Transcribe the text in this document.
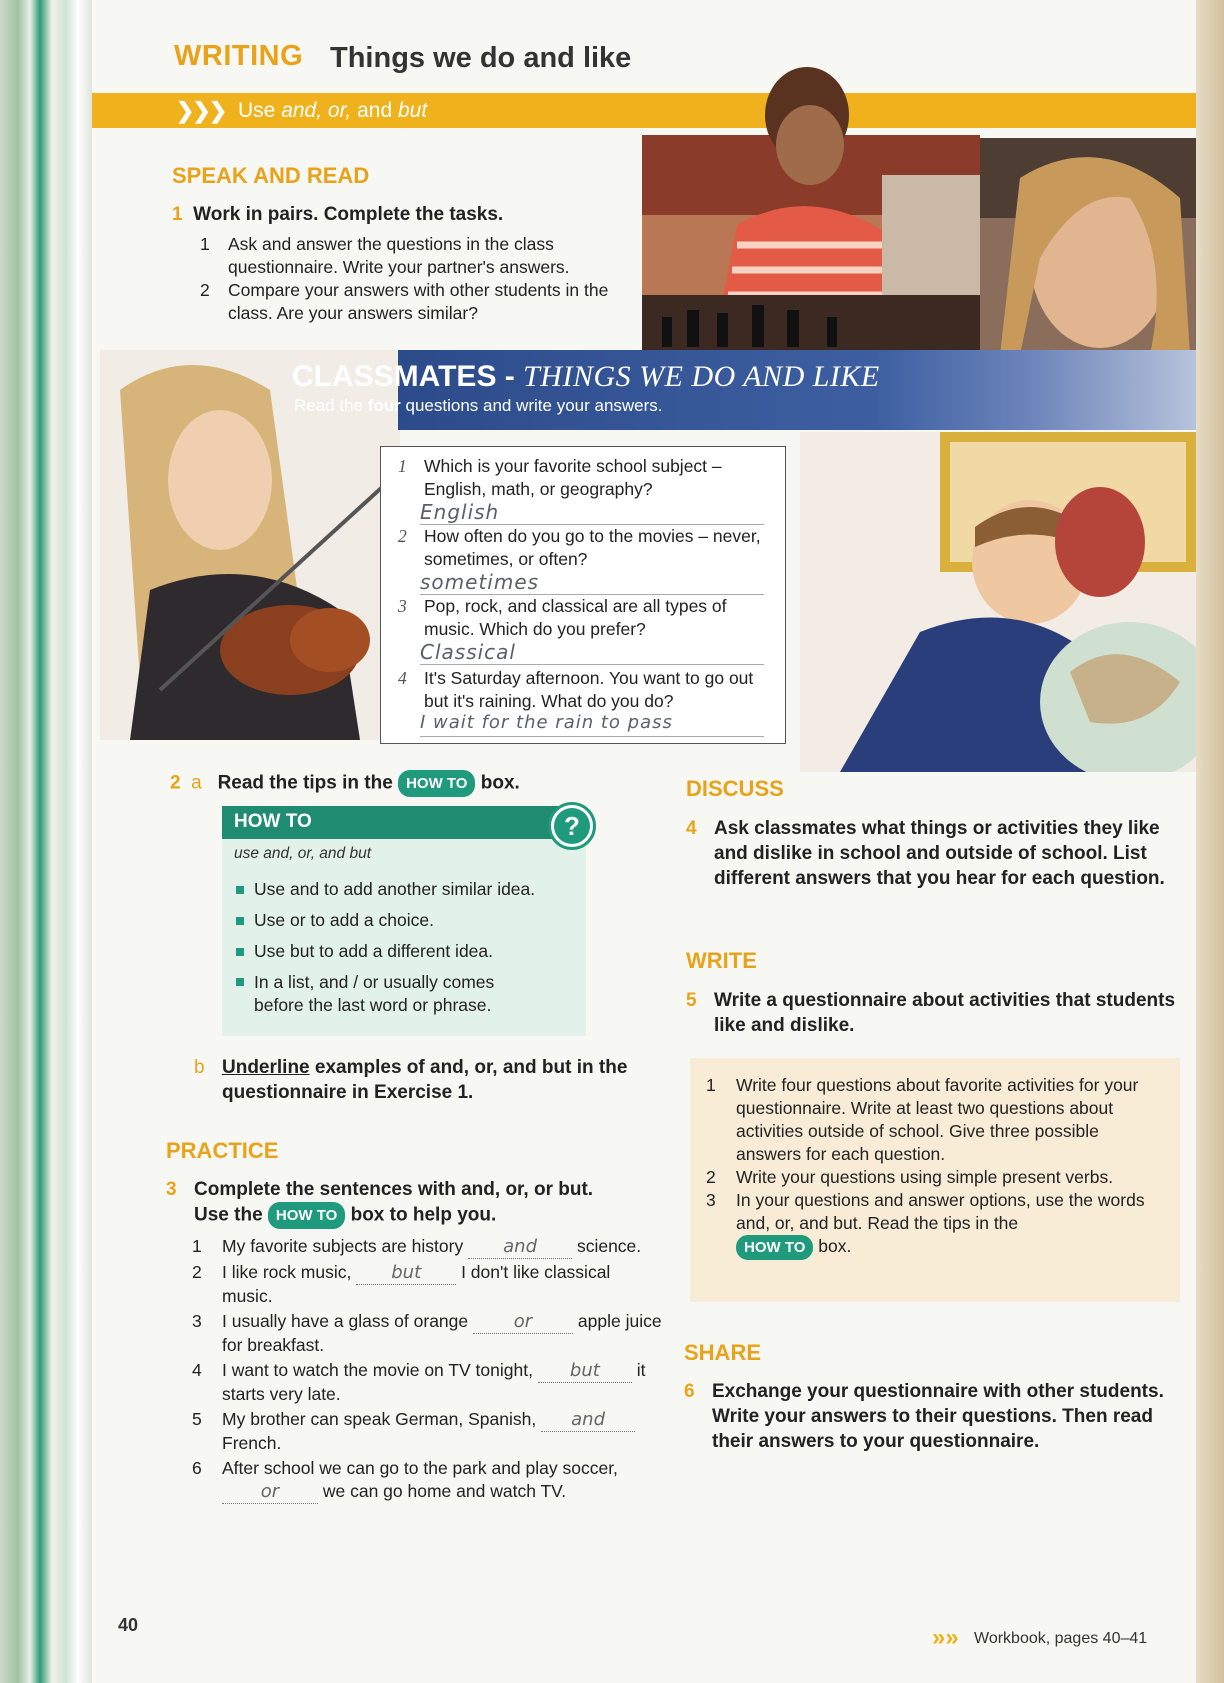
WRITING Things we do and like
❯❯❯ Use and, or, and but
SPEAK AND READ
1 Work in pairs. Complete the tasks.
1 Ask and answer the questions in the class questionnaire. Write your partner's answers.
2 Compare your answers with other students in the class. Are your answers similar?
CLASSMATES - THINGS WE DO AND LIKE
Read the four questions and write your answers.
1 Which is your favorite school subject – English, math, or geography?
English
2 How often do you go to the movies – never, sometimes, or often?
sometimes
3 Pop, rock, and classical are all types of music. Which do you prefer?
Classical
4 It's Saturday afternoon. You want to go out but it's raining. What do you do?
I wait for the rain to pass
2 a Read the tips in the HOW TO box.
HOW TO	?
use and, or, and but
Use and to add another similar idea.
Use or to add a choice.
Use but to add a different idea.
In a list, and / or usually comes before the last word or phrase.
b Underline examples of and, or, and but in the questionnaire in Exercise 1.
PRACTICE
3 Complete the sentences with and, or, or but.
Use the HOW TO box to help you.
1 My favorite subjects are history and science.
2 I like rock music, but I don't like classical music.
3 I usually have a glass of orange	or	apple juice for breakfast.
4 I want to watch the movie on TV tonight, but it starts very late.
5 My brother can speak German, Spanish, and French.
6 After school we can go to the park and play soccer, or we can go home and watch TV.
DISCUSS
4 Ask classmates what things or activities they like and dislike in school and outside of school. List different answers that you hear for each question.
WRITE
5 Write a questionnaire about activities that students like and dislike.
1 Write four questions about favorite activities for your questionnaire. Write at least two questions about activities outside of school. Give three possible answers for each question.
2 Write your questions using simple present verbs.
3 In your questions and answer options, use the words and, or, and but. Read the tips in the
HOW TO box.
SHARE
6 Exchange your questionnaire with other students. Write your answers to their questions. Then read their answers to your questionnaire.
40	»» Workbook, pages 40–41
